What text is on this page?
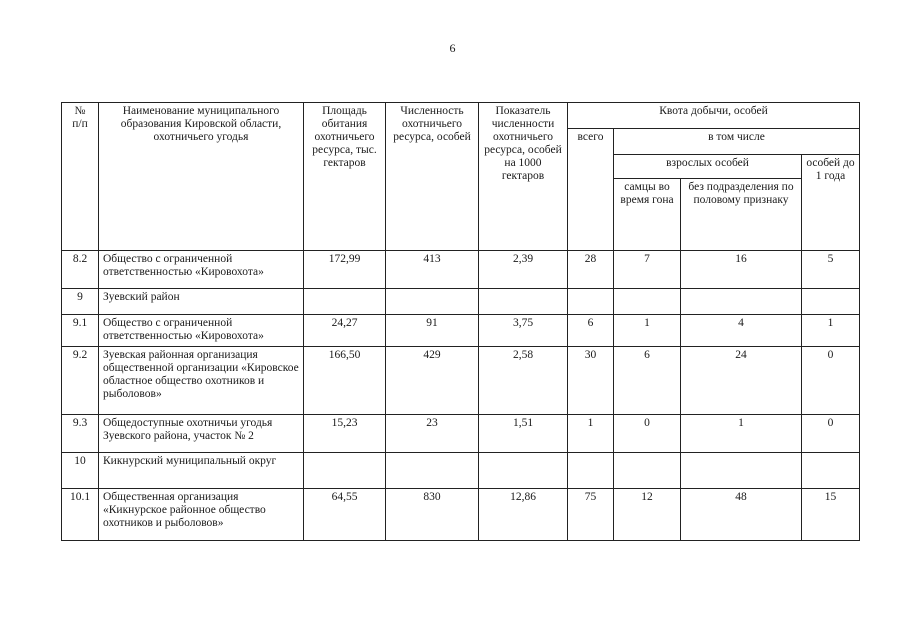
6
№
п/п	Наименование муниципального образования Кировской области, охотничьего угодья	Площадь обитания охотничьего ресурса, тыс. гектаров	Численность охотничьего ресурса, особей	Показатель численности охотничьего ресурса, особей на 1000 гектаров	Квота добычи, особей			
					всего	в том числе		
						взрослых особей		особей до 1 года
						самцы во время гона	без подразделения по половому признаку	
8.2	Общество с ограниченной ответственностью «Кировохота»	172,99	413	2,39	28	7	16	5
9	Зуевский район							
9.1	Общество с ограниченной ответственностью «Кировохота»	24,27	91	3,75	6	1	4	1
9.2	Зуевская районная организация общественной организации «Кировское областное общество охотников и рыболовов»	166,50	429	2,58	30	6	24	0
9.3	Общедоступные охотничьи угодья Зуевского района, участок № 2	15,23	23	1,51	1	0	1	0
10	Кикнурский муниципальный округ							
10.1	Общественная организация «Кикнурское районное общество охотников и рыболовов»	64,55	830	12,86	75	12	48	15
